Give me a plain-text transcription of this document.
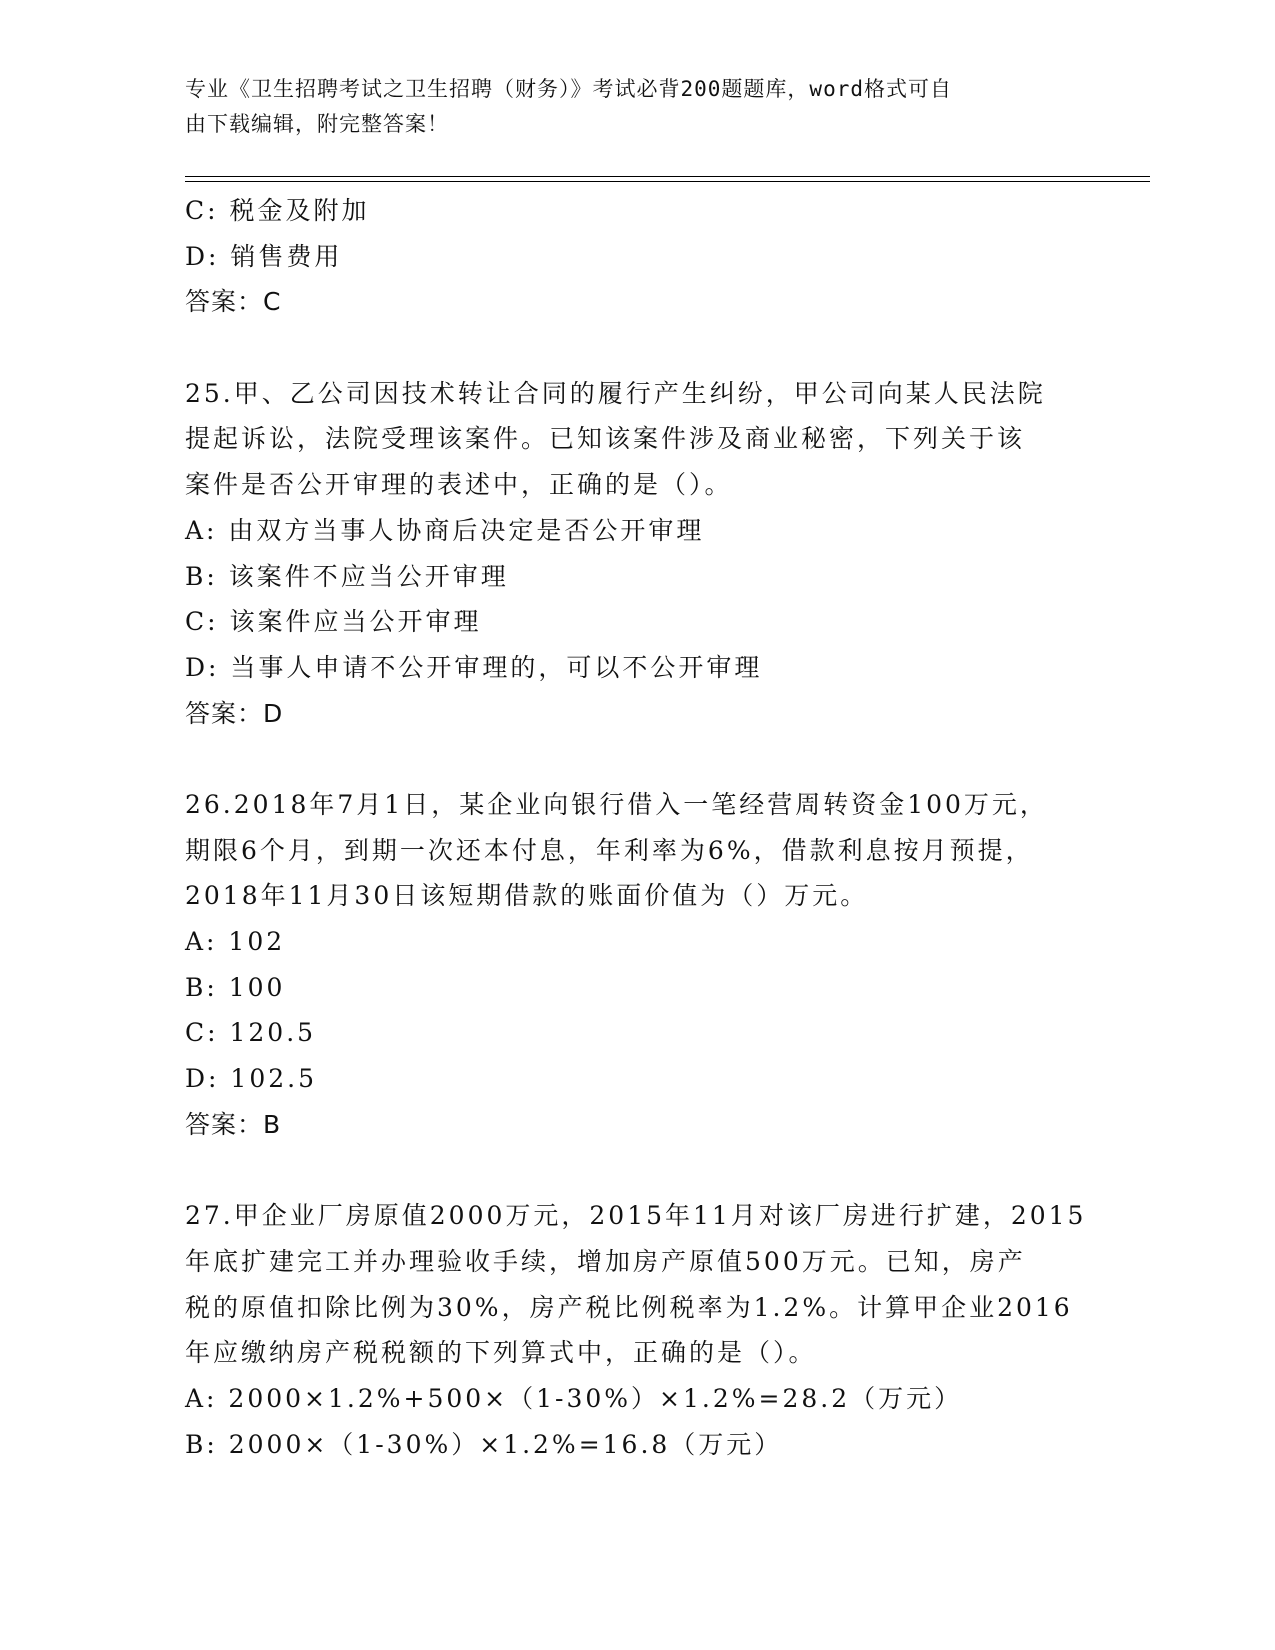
专业《卫生招聘考试之卫生招聘（财务）》考试必背200题题库，word格式可自
由下载编辑，附完整答案！
C: 税金及附加
D: 销售费用
答案：C
25.甲、乙公司因技术转让合同的履行产生纠纷，甲公司向某人民法院
提起诉讼，法院受理该案件。已知该案件涉及商业秘密，下列关于该
案件是否公开审理的表述中，正确的是（）。
A: 由双方当事人协商后决定是否公开审理
B: 该案件不应当公开审理
C: 该案件应当公开审理
D: 当事人申请不公开审理的，可以不公开审理
答案：D
26.2018年7月1日，某企业向银行借入一笔经营周转资金100万元，
期限6个月，到期一次还本付息，年利率为6%，借款利息按月预提，
2018年11月30日该短期借款的账面价值为（）万元。
A: 102
B: 100
C: 120.5
D: 102.5
答案：B
27.甲企业厂房原值2000万元，2015年11月对该厂房进行扩建，2015
年底扩建完工并办理验收手续，增加房产原值500万元。已知，房产
税的原值扣除比例为30%，房产税比例税率为1.2%。计算甲企业2016
年应缴纳房产税税额的下列算式中，正确的是（）。
A: 2000×1.2%+500×（1-30%）×1.2%=28.2（万元）
B: 2000×（1-30%）×1.2%=16.8（万元）
